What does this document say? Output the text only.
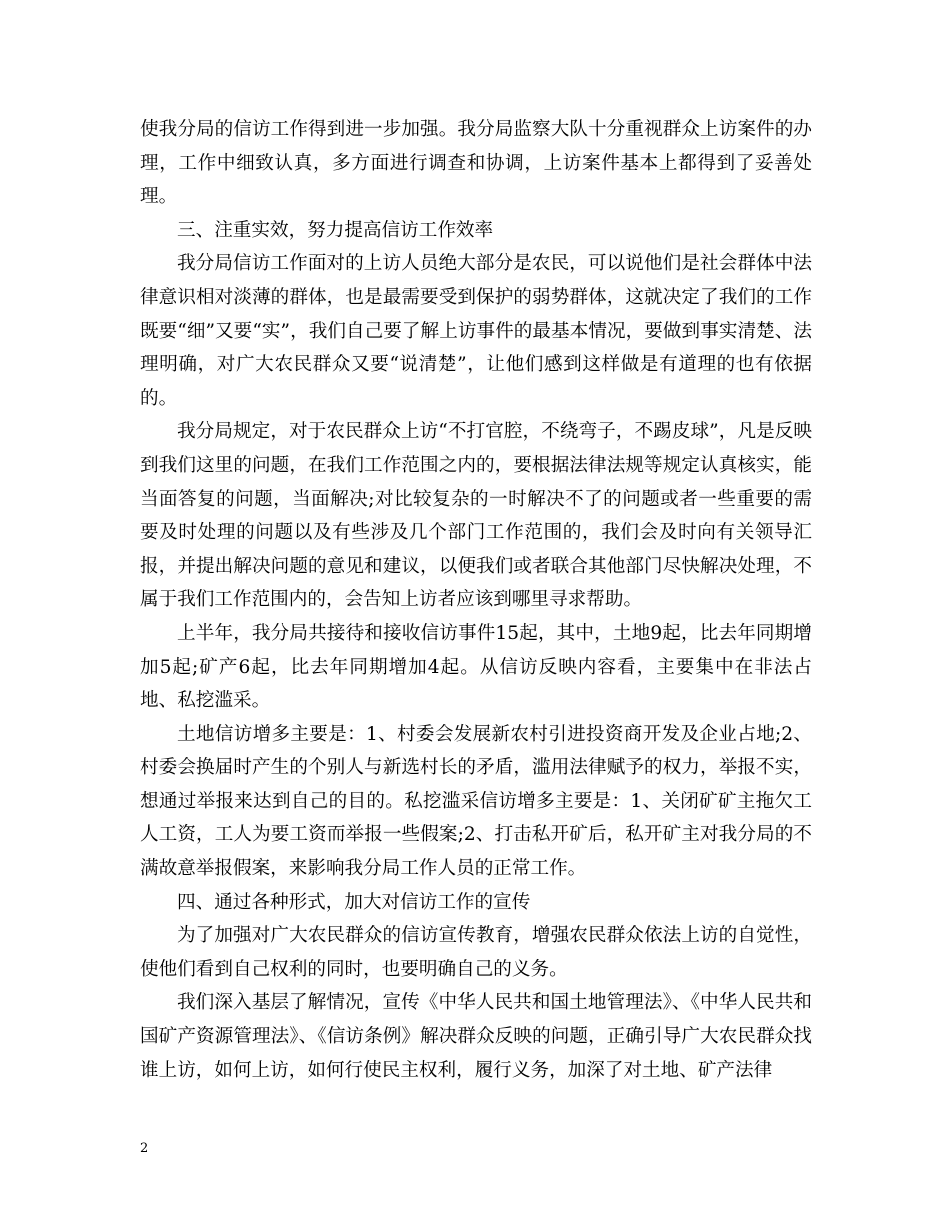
使我分局的信访工作得到进一步加强。我分局监察大队十分重视群众上访案件的办理，工作中细致认真，多方面进行调查和协调，上访案件基本上都得到了妥善处理。

三、注重实效，努力提高信访工作效率

我分局信访工作面对的上访人员绝大部分是农民，可以说他们是社会群体中法律意识相对淡薄的群体，也是最需要受到保护的弱势群体，这就决定了我们的工作既要“细”又要“实”，我们自己要了解上访事件的最基本情况，要做到事实清楚、法理明确，对广大农民群众又要“说清楚”，让他们感到这样做是有道理的也有依据的。

我分局规定，对于农民群众上访“不打官腔，不绕弯子，不踢皮球”，凡是反映到我们这里的问题，在我们工作范围之内的，要根据法律法规等规定认真核实，能当面答复的问题，当面解决;对比较复杂的一时解决不了的问题或者一些重要的需要及时处理的问题以及有些涉及几个部门工作范围的，我们会及时向有关领导汇报，并提出解决问题的意见和建议，以便我们或者联合其他部门尽快解决处理，不属于我们工作范围内的，会告知上访者应该到哪里寻求帮助。

上半年，我分局共接待和接收信访事件15起，其中，土地9起，比去年同期增加5起;矿产6起，比去年同期增加4起。从信访反映内容看，主要集中在非法占地、私挖滥采。

土地信访增多主要是：1、村委会发展新农村引进投资商开发及企业占地;2、村委会换届时产生的个别人与新选村长的矛盾，滥用法律赋予的权力，举报不实，想通过举报来达到自己的目的。私挖滥采信访增多主要是：1、关闭矿矿主拖欠工人工资，工人为要工资而举报一些假案;2、打击私开矿后，私开矿主对我分局的不满故意举报假案，来影响我分局工作人员的正常工作。

四、通过各种形式，加大对信访工作的宣传

为了加强对广大农民群众的信访宣传教育，增强农民群众依法上访的自觉性，使他们看到自己权利的同时，也要明确自己的义务。

我们深入基层了解情况，宣传《中华人民共和国土地管理法》、《中华人民共和国矿产资源管理法》、《信访条例》解决群众反映的问题，正确引导广大农民群众找谁上访，如何上访，如何行使民主权利，履行义务，加深了对土地、矿产法律

2
